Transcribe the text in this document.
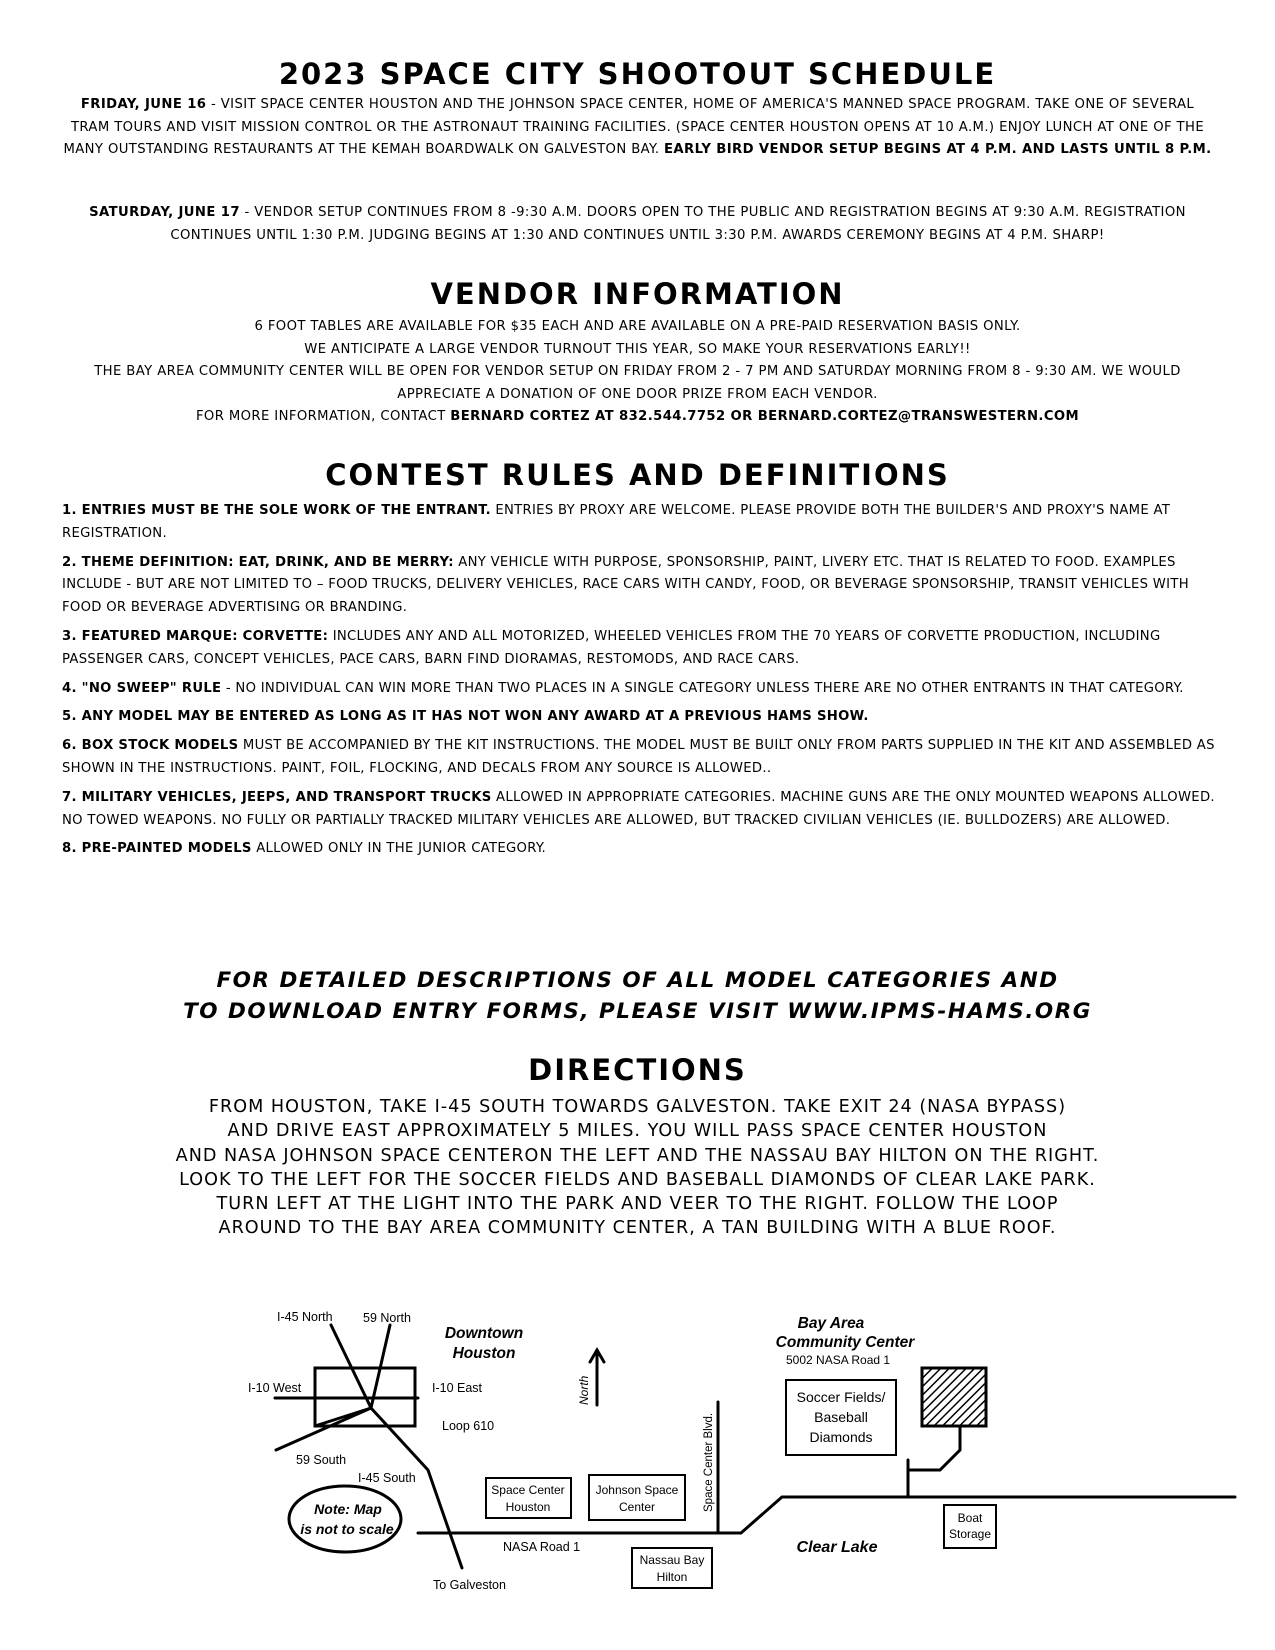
2023 SPACE CITY SHOOTOUT SCHEDULE
FRIDAY, JUNE 16 - VISIT SPACE CENTER HOUSTON AND THE JOHNSON SPACE CENTER, HOME OF AMERICA'S MANNED SPACE PROGRAM. TAKE ONE OF SEVERAL TRAM TOURS AND VISIT MISSION CONTROL OR THE ASTRONAUT TRAINING FACILITIES. (SPACE CENTER HOUSTON OPENS AT 10 A.M.) ENJOY LUNCH AT ONE OF THE MANY OUTSTANDING RESTAURANTS AT THE KEMAH BOARDWALK ON GALVESTON BAY. EARLY BIRD VENDOR SETUP BEGINS AT 4 P.M. AND LASTS UNTIL 8 P.M.
SATURDAY, JUNE 17 - VENDOR SETUP CONTINUES FROM 8 -9:30 A.M. DOORS OPEN TO THE PUBLIC AND REGISTRATION BEGINS AT 9:30 A.M. REGISTRATION CONTINUES UNTIL 1:30 P.M. JUDGING BEGINS AT 1:30 AND CONTINUES UNTIL 3:30 P.M. AWARDS CEREMONY BEGINS AT 4 P.M. SHARP!
VENDOR INFORMATION
6 FOOT TABLES ARE AVAILABLE FOR $35 EACH AND ARE AVAILABLE ON A PRE-PAID RESERVATION BASIS ONLY.
WE ANTICIPATE A LARGE VENDOR TURNOUT THIS YEAR, SO MAKE YOUR RESERVATIONS EARLY!!
THE BAY AREA COMMUNITY CENTER WILL BE OPEN FOR VENDOR SETUP ON FRIDAY FROM 2 - 7 PM AND SATURDAY MORNING FROM 8 - 9:30 AM. WE WOULD APPRECIATE A DONATION OF ONE DOOR PRIZE FROM EACH VENDOR.
FOR MORE INFORMATION, CONTACT BERNARD CORTEZ AT 832.544.7752 OR BERNARD.CORTEZ@TRANSWESTERN.COM
CONTEST RULES AND DEFINITIONS

1. ENTRIES MUST BE THE SOLE WORK OF THE ENTRANT. ENTRIES BY PROXY ARE WELCOME. PLEASE PROVIDE BOTH THE BUILDER'S AND PROXY'S NAME AT REGISTRATION.

2. THEME DEFINITION: EAT, DRINK, AND BE MERRY: ANY VEHICLE WITH PURPOSE, SPONSORSHIP, PAINT, LIVERY ETC. THAT IS RELATED TO FOOD. EXAMPLES INCLUDE - BUT ARE NOT LIMITED TO – FOOD TRUCKS, DELIVERY VEHICLES, RACE CARS WITH CANDY, FOOD, OR BEVERAGE SPONSORSHIP, TRANSIT VEHICLES WITH FOOD OR BEVERAGE ADVERTISING OR BRANDING.

3. FEATURED MARQUE: CORVETTE: INCLUDES ANY AND ALL MOTORIZED, WHEELED VEHICLES FROM THE 70 YEARS OF CORVETTE PRODUCTION, INCLUDING PASSENGER CARS, CONCEPT VEHICLES, PACE CARS, BARN FIND DIORAMAS, RESTOMODS, AND RACE CARS.

4. "NO SWEEP" RULE - NO INDIVIDUAL CAN WIN MORE THAN TWO PLACES IN A SINGLE CATEGORY UNLESS THERE ARE NO OTHER ENTRANTS IN THAT CATEGORY.

5. ANY MODEL MAY BE ENTERED AS LONG AS IT HAS NOT WON ANY AWARD AT A PREVIOUS HAMS SHOW.

6. BOX STOCK MODELS MUST BE ACCOMPANIED BY THE KIT INSTRUCTIONS. THE MODEL MUST BE BUILT ONLY FROM PARTS SUPPLIED IN THE KIT AND ASSEMBLED AS SHOWN IN THE INSTRUCTIONS. PAINT, FOIL, FLOCKING, AND DECALS FROM ANY SOURCE IS ALLOWED..

7. MILITARY VEHICLES, JEEPS, AND TRANSPORT TRUCKS ALLOWED IN APPROPRIATE CATEGORIES. MACHINE GUNS ARE THE ONLY MOUNTED WEAPONS ALLOWED. NO TOWED WEAPONS. NO FULLY OR PARTIALLY TRACKED MILITARY VEHICLES ARE ALLOWED, BUT TRACKED CIVILIAN VEHICLES (IE. BULLDOZERS) ARE ALLOWED.

8. PRE-PAINTED MODELS ALLOWED ONLY IN THE JUNIOR CATEGORY.

FOR DETAILED DESCRIPTIONS OF ALL MODEL CATEGORIES AND
TO DOWNLOAD ENTRY FORMS, PLEASE VISIT WWW.IPMS-HAMS.ORG
DIRECTIONS
FROM HOUSTON, TAKE I-45 SOUTH TOWARDS GALVESTON. TAKE EXIT 24 (NASA BYPASS)
AND DRIVE EAST APPROXIMATELY 5 MILES. YOU WILL PASS SPACE CENTER HOUSTON
AND NASA JOHNSON SPACE CENTERON THE LEFT AND THE NASSAU BAY HILTON ON THE RIGHT.
LOOK TO THE LEFT FOR THE SOCCER FIELDS AND BASEBALL DIAMONDS OF CLEAR LAKE PARK.
TURN LEFT AT THE LIGHT INTO THE PARK AND VEER TO THE RIGHT. FOLLOW THE LOOP
AROUND TO THE BAY AREA COMMUNITY CENTER, A TAN BUILDING WITH A BLUE ROOF.
I-45 North 59 North
I-10 West	I-10 East
Loop 610
59 South
I-45 South
NASA Road 1
To Galveston
Space Center Blvd.
North
5002 NASA Road 1
Space Center
Houston
Johnson Space
Center
Nassau Bay
Hilton
Boat
Storage
Soccer Fields/
Baseball
Diamonds
Downtown
Houston
Bay Area
Community Center
Note: Map
is not to scale
Clear Lake
